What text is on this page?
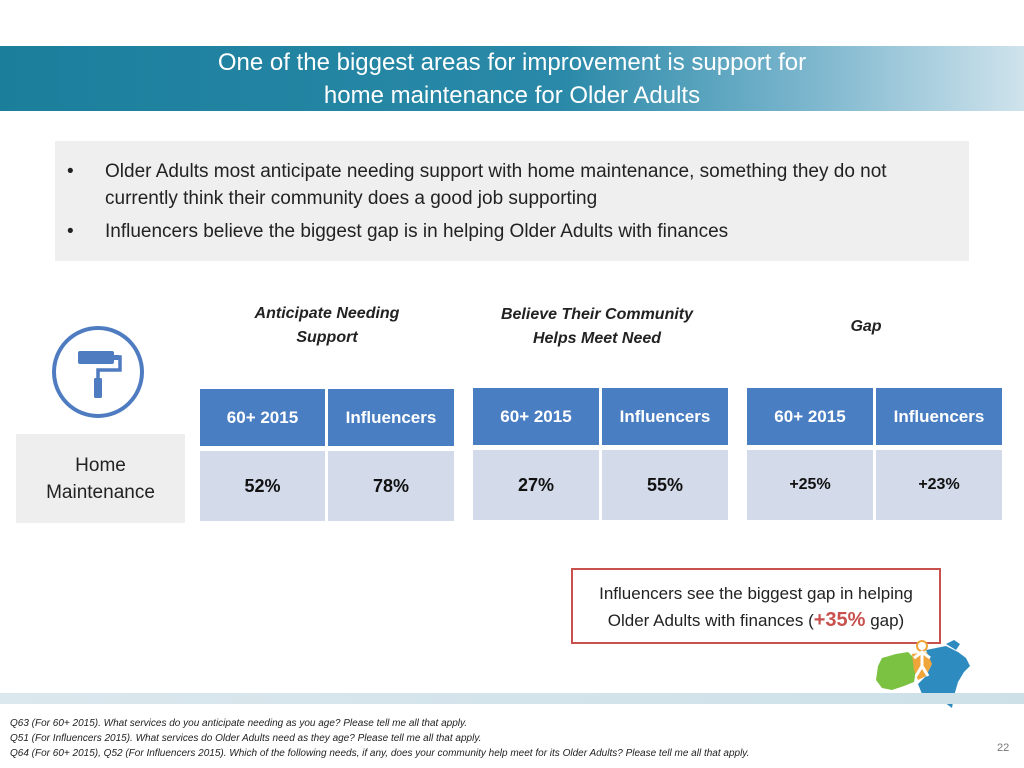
One of the biggest areas for improvement is support for
home maintenance for Older Adults
• Older Adults most anticipate needing support with home maintenance, something they do not currently think their community does a good job supporting
• Influencers believe the biggest gap is in helping Older Adults with finances
Anticipate Needing
Support
Believe Their Community
Helps Meet Need
Gap
Home
Maintenance
60+ 2015	Influencers
52%	78%
60+ 2015	Influencers
27%	55%
60+ 2015	Influencers
+25%	+23%
Influencers see the biggest gap in helping
Older Adults with finances (+35% gap)
Q63 (For 60+ 2015). What services do you anticipate needing as you age? Please tell me all that apply.
Q51 (For Influencers 2015). What services do Older Adults need as they age? Please tell me all that apply.
Q64 (For 60+ 2015), Q52 (For Influencers 2015). Which of the following needs, if any, does your community help meet for its Older Adults? Please tell me all that apply.	22
